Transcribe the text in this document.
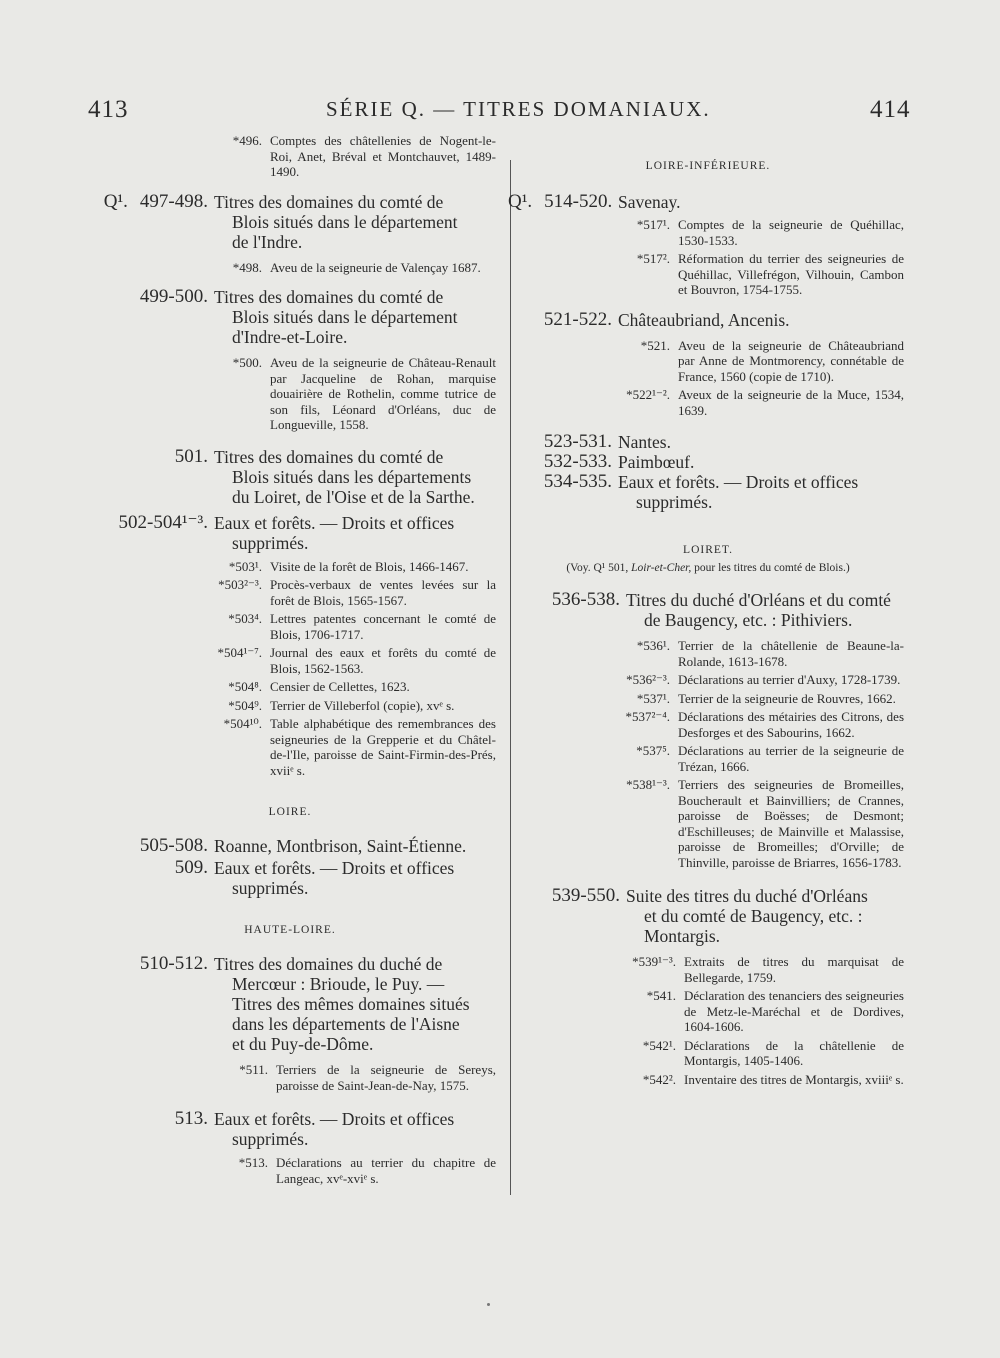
413	SÉRIE Q. — TITRES DOMANIAUX.	414
*496. Comptes des châtellenies de Nogent-le-Roi, Anet, Bréval et Montchauvet, 1489-1490.
Q¹. 497-498. Titres des domaines du comté de
Blois situés dans le département
de l'Indre.
*498. Aveu de la seigneurie de Valençay 1687.
499-500. Titres des domaines du comté de
Blois situés dans le département
d'Indre-et-Loire.
*500. Aveu de la seigneurie de Château-Renault par Jacqueline de Rohan, marquise douairière de Rothelin, comme tutrice de son fils, Léonard d'Orléans, duc de Longueville, 1558.
501. Titres des domaines du comté de
Blois situés dans les départements
du Loiret, de l'Oise et de la Sarthe.
502-504¹⁻³. Eaux et forêts. — Droits et offices
supprimés.
*503¹. Visite de la forêt de Blois, 1466-1467.
*503²⁻³. Procès-verbaux de ventes levées sur la forêt de Blois, 1565-1567.
*503⁴. Lettres patentes concernant le comté de Blois, 1706-1717.
*504¹⁻⁷. Journal des eaux et forêts du comté de Blois, 1562-1563.
*504⁸. Censier de Cellettes, 1623.
*504⁹. Terrier de Villeberfol (copie), xvᵉ s.
*504¹⁰. Table alphabétique des remembrances des seigneuries de la Grepperie et du Châtel-de-l'Ile, paroisse de Saint-Firmin-des-Prés, xviiᵉ s.
LOIRE.
505-508. Roanne, Montbrison, Saint-Étienne.
509. Eaux et forêts. — Droits et offices
supprimés.
HAUTE-LOIRE.
510-512. Titres des domaines du duché de
Mercœur : Brioude, le Puy. —
Titres des mêmes domaines situés
dans les départements de l'Aisne
et du Puy-de-Dôme.
*511. Terriers de la seigneurie de Sereys, paroisse de Saint-Jean-de-Nay, 1575.
513. Eaux et forêts. — Droits et offices
supprimés.
*513. Déclarations au terrier du chapitre de Langeac, xvᵉ-xviᵉ s.
LOIRE-INFÉRIEURE.
Q¹. 514-520. Savenay.
*517¹. Comptes de la seigneurie de Quéhillac, 1530-1533.
*517². Réformation du terrier des seigneuries de Quéhillac, Villefrégon, Vilhouin, Cambon et Bouvron, 1754-1755.
521-522. Châteaubriand, Ancenis.
*521. Aveu de la seigneurie de Châteaubriand par Anne de Montmorency, connétable de France, 1560 (copie de 1710).
*522¹⁻². Aveux de la seigneurie de la Muce, 1534, 1639.
523-531. Nantes.
532-533. Paimbœuf.
534-535. Eaux et forêts. — Droits et offices
supprimés.
LOIRET.
(Voy. Q¹ 501, Loir-et-Cher, pour les titres du comté de Blois.)
536-538. Titres du duché d'Orléans et du comté
de Baugency, etc. : Pithiviers.
*536¹. Terrier de la châtellenie de Beaune-la-Rolande, 1613-1678.
*536²⁻³. Déclarations au terrier d'Auxy, 1728-1739.
*537¹. Terrier de la seigneurie de Rouvres, 1662.
*537²⁻⁴. Déclarations des métairies des Citrons, des Desforges et des Sabourins, 1662.
*537⁵. Déclarations au terrier de la seigneurie de Trézan, 1666.
*538¹⁻³. Terriers des seigneuries de Bromeilles, Boucherault et Bainvilliers; de Crannes, paroisse de Boësses; de Desmont; d'Eschilleuses; de Mainville et Malassise, paroisse de Bromeilles; d'Orville; de Thinville, paroisse de Briarres, 1656-1783.
539-550. Suite des titres du duché d'Orléans
et du comté de Baugency, etc. :
Montargis.
*539¹⁻³. Extraits de titres du marquisat de Bellegarde, 1759.
*541. Déclaration des tenanciers des seigneuries de Metz-le-Maréchal et de Dordives, 1604-1606.
*542¹. Déclarations de la châtellenie de Montargis, 1405-1406.
*542². Inventaire des titres de Montargis, xviiiᵉ s.
